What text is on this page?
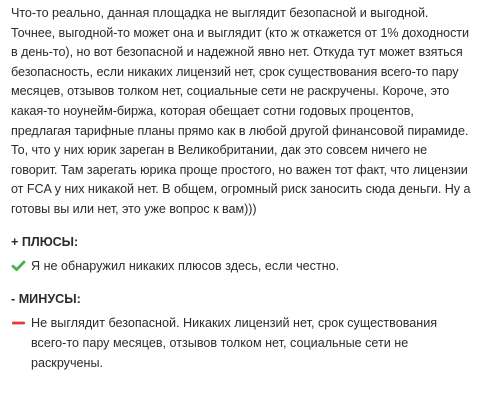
Что-то реально, данная площадка не выглядит безопасной и выгодной. Точнее, выгодной-то может она и выглядит (кто ж откажется от 1% доходности в день-то), но вот безопасной и надежной явно нет. Откуда тут может взяться безопасность, если никаких лицензий нет, срок существования всего-то пару месяцев, отзывов толком нет, социальные сети не раскручены. Короче, это какая-то ноунейм-биржа, которая обещает сотни годовых процентов, предлагая тарифные планы прямо как в любой другой финансовой пирамиде. То, что у них юрик зареган в Великобритании, дак это совсем ничего не говорит. Там зарегать юрика проще простого, но важен тот факт, что лицензии от FCA у них никакой нет. В общем, огромный риск заносить сюда деньги. Ну а готовы вы или нет, это уже вопрос к вам)))

+ ПЛЮСЫ:
Я не обнаружил никаких плюсов здесь, если честно.
- МИНУСЫ:
Не выглядит безопасной. Никаких лицензий нет, срок существования всего-то пару месяцев, отзывов толком нет, социальные сети не раскручены.
